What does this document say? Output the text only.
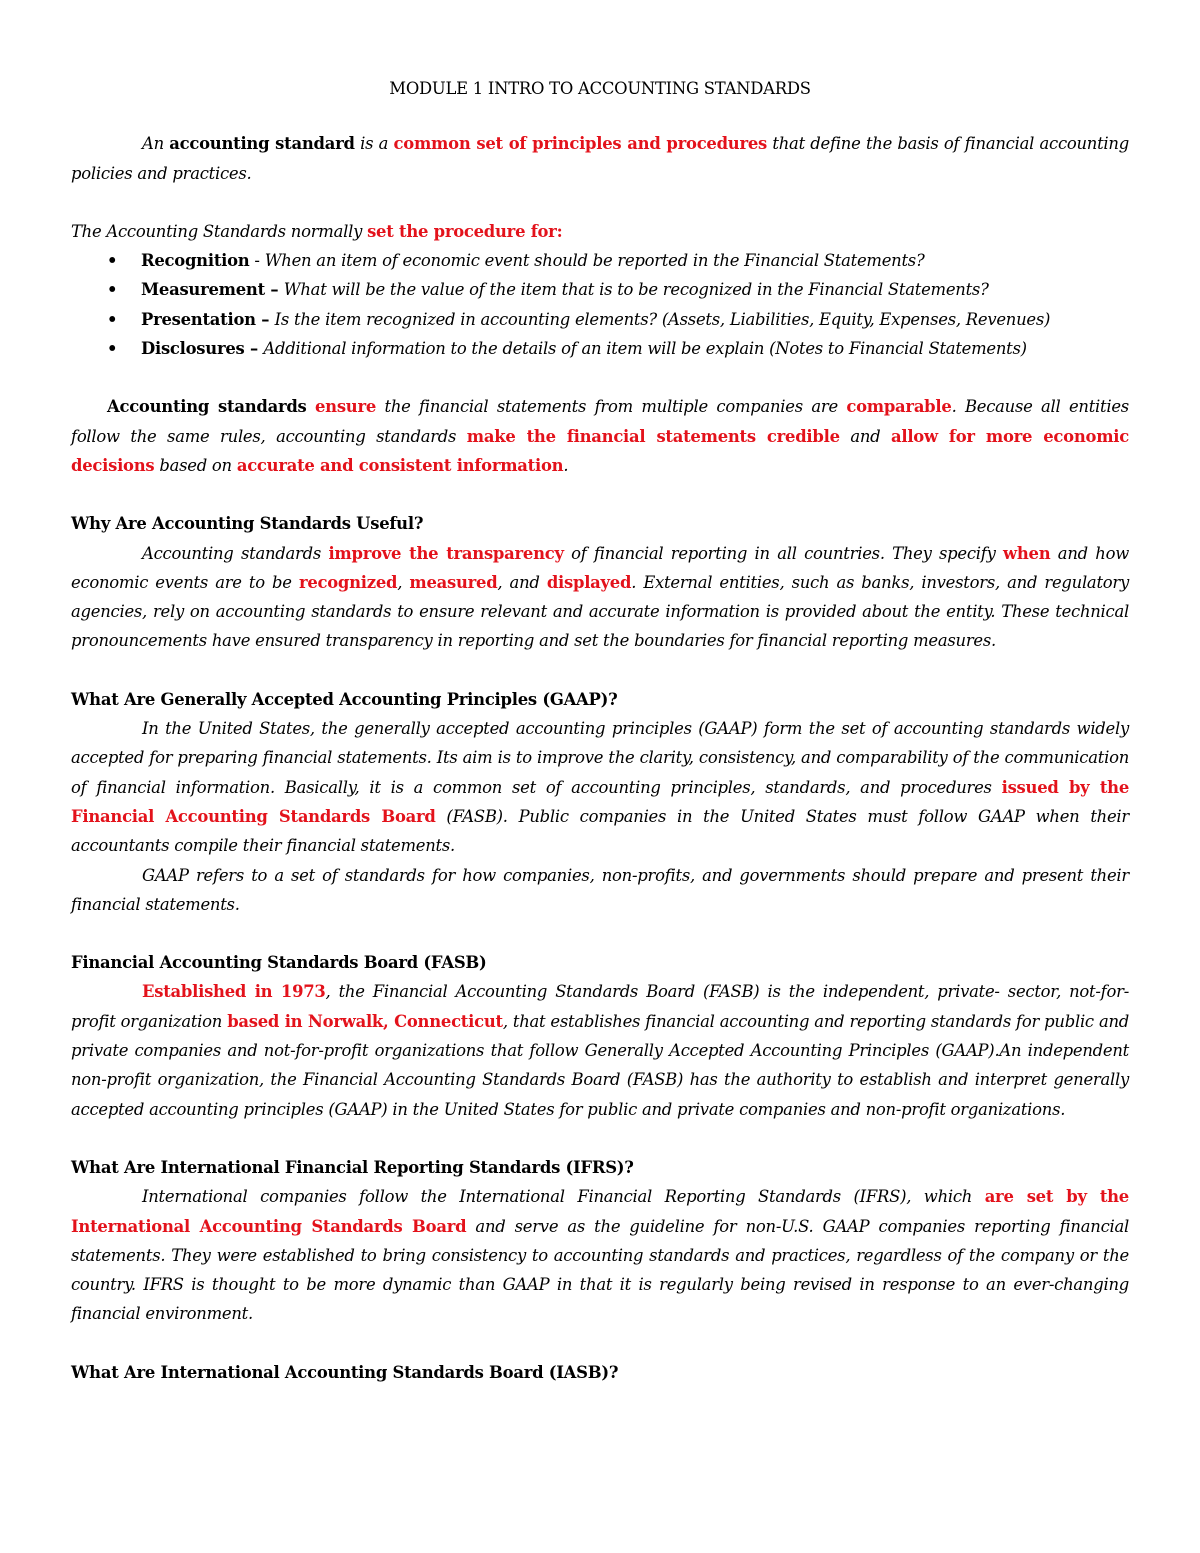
MODULE 1 INTRO TO ACCOUNTING STANDARDS

An accounting standard is a common set of principles and procedures that define the basis of financial accounting policies and practices.

The Accounting Standards normally set the procedure for:

• Recognition - When an item of economic event should be reported in the Financial Statements?
• Measurement – What will be the value of the item that is to be recognized in the Financial Statements?
• Presentation – Is the item recognized in accounting elements? (Assets, Liabilities, Equity, Expenses, Revenues)
• Disclosures – Additional information to the details of an item will be explain (Notes to Financial Statements)

Accounting standards ensure the financial statements from multiple companies are comparable. Because all entities follow the same rules, accounting standards make the financial statements credible and allow for more economic decisions based on accurate and consistent information.

Why Are Accounting Standards Useful?

Accounting standards improve the transparency of financial reporting in all countries. They specify when and how economic events are to be recognized, measured, and displayed. External entities, such as banks, investors, and regulatory agencies, rely on accounting standards to ensure relevant and accurate information is provided about the entity. These technical pronouncements have ensured transparency in reporting and set the boundaries for financial reporting measures.

What Are Generally Accepted Accounting Principles (GAAP)?

In the United States, the generally accepted accounting principles (GAAP) form the set of accounting standards widely accepted for preparing financial statements. Its aim is to improve the clarity, consistency, and comparability of the communication of financial information. Basically, it is a common set of accounting principles, standards, and procedures issued by the Financial Accounting Standards Board (FASB). Public companies in the United States must follow GAAP when their accountants compile their financial statements.

GAAP refers to a set of standards for how companies, non-profits, and governments should prepare and present their financial statements.

Financial Accounting Standards Board (FASB)

Established in 1973, the Financial Accounting Standards Board (FASB) is the independent, private- sector, not-for-profit organization based in Norwalk, Connecticut, that establishes financial accounting and reporting standards for public and private companies and not-for-profit organizations that follow Generally Accepted Accounting Principles (GAAP).An independent non-profit organization, the Financial Accounting Standards Board (FASB) has the authority to establish and interpret generally accepted accounting principles (GAAP) in the United States for public and private companies and non-profit organizations.

What Are International Financial Reporting Standards (IFRS)?

International companies follow the International Financial Reporting Standards (IFRS), which are set by the International Accounting Standards Board and serve as the guideline for non-U.S. GAAP companies reporting financial statements. They were established to bring consistency to accounting standards and practices, regardless of the company or the country. IFRS is thought to be more dynamic than GAAP in that it is regularly being revised in response to an ever-changing financial environment.

What Are International Accounting Standards Board (IASB)?
